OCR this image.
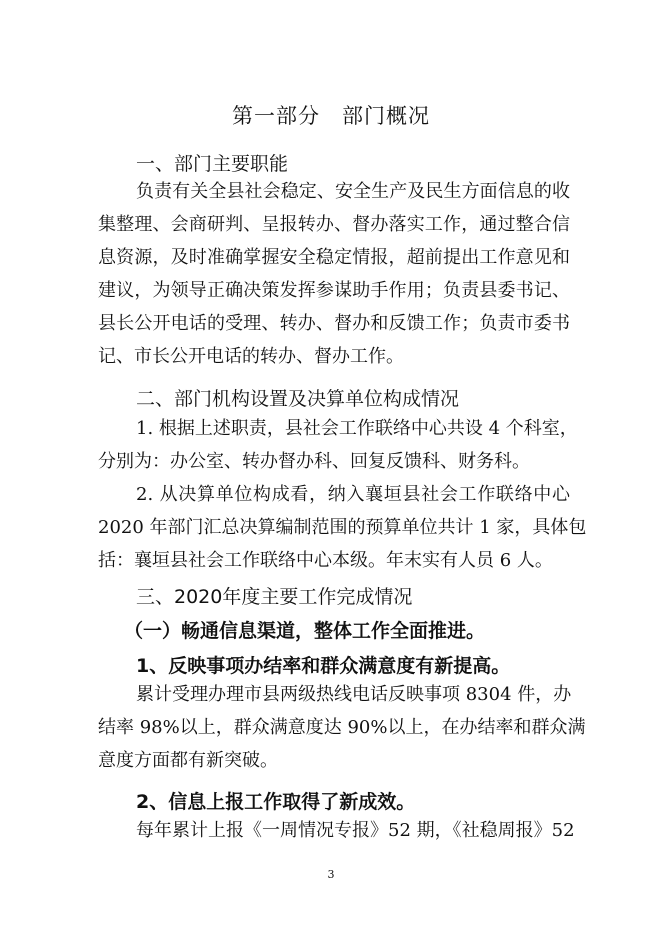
第一部分　部门概况
一、部门主要职能
负责有关全县社会稳定、安全生产及民生方面信息的收
集整理、会商研判、呈报转办、督办落实工作，通过整合信
息资源，及时准确掌握安全稳定情报，超前提出工作意见和
建议，为领导正确决策发挥参谋助手作用；负责县委书记、
县长公开电话的受理、转办、督办和反馈工作；负责市委书
记、市长公开电话的转办、督办工作。
二、部门机构设置及决算单位构成情况
1. 根据上述职责，县社会工作联络中心共设 4 个科室，
分别为：办公室、转办督办科、回复反馈科、财务科。
2. 从决算单位构成看，纳入襄垣县社会工作联络中心
2020 年部门汇总决算编制范围的预算单位共计 1 家，具体包
括：襄垣县社会工作联络中心本级。年末实有人员 6 人。
三、2020年度主要工作完成情况
（一）畅通信息渠道，整体工作全面推进。
1、反映事项办结率和群众满意度有新提高。
累计受理办理市县两级热线电话反映事项 8304 件，办
结率 98%以上，群众满意度达 90%以上，在办结率和群众满
意度方面都有新突破。
2、信息上报工作取得了新成效。
每年累计上报《一周情况专报》52 期，《社稳周报》52
3
